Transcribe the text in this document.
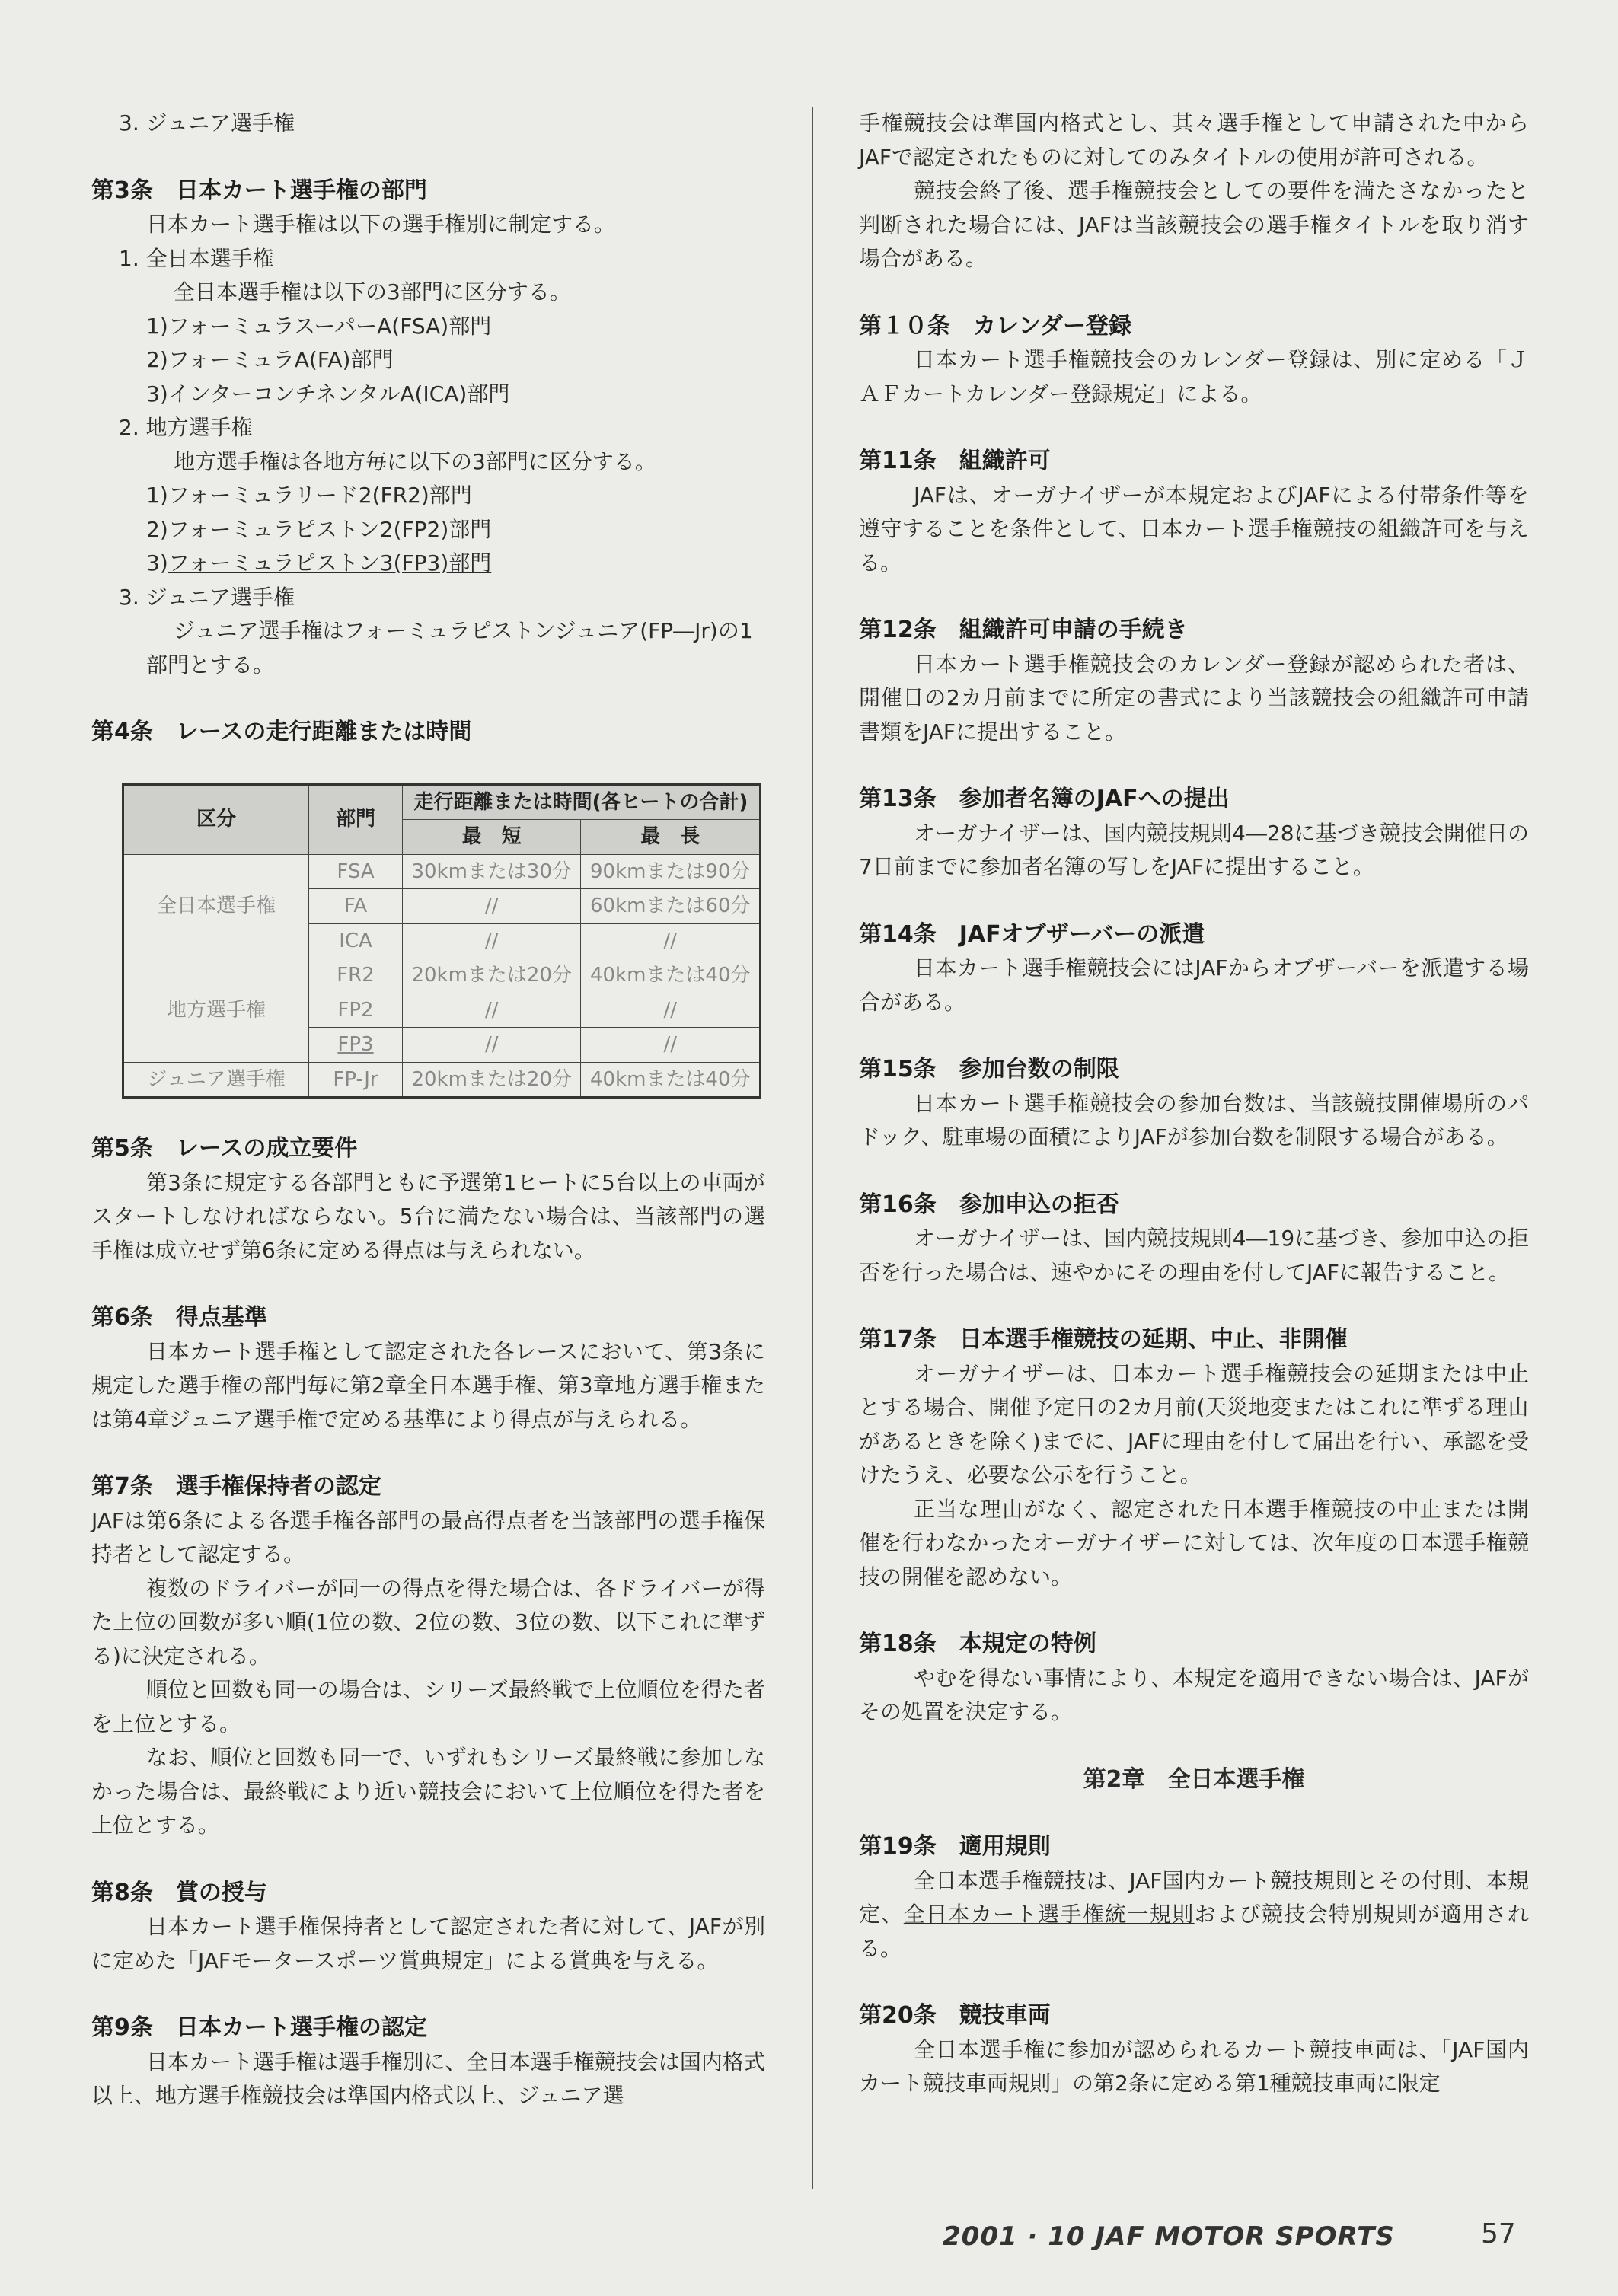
3. ジュニア選手権
第3条　日本カート選手権の部門
日本カート選手権は以下の選手権別に制定する。
1. 全日本選手権
全日本選手権は以下の3部門に区分する。
1)フォーミュラスーパーA(FSA)部門
2)フォーミュラA(FA)部門
3)インターコンチネンタルA(ICA)部門
2. 地方選手権
地方選手権は各地方毎に以下の3部門に区分する。
1)フォーミュラリード2(FR2)部門
2)フォーミュラピストン2(FP2)部門
3)フォーミュラピストン3(FP3)部門
3. ジュニア選手権
ジュニア選手権はフォーミュラピストンジュニア(FP―Jr)の1
部門とする。
第4条　レースの走行距離または時間
区分	部門	走行距離または時間(各ヒートの合計)	
		最　短	最　長
全日本選手権	FSA	30kmまたは30分	90kmまたは90分
	FA	//	60kmまたは60分
	ICA	//	//
地方選手権	FR2	20kmまたは20分	40kmまたは40分
	FP2	//	//
	FP3	//	//
ジュニア選手権	FP-Jr	20kmまたは20分	40kmまたは40分
第5条　レースの成立要件
第3条に規定する各部門ともに予選第1ヒートに5台以上の車両がスタートしなければならない。5台に満たない場合は、当該部門の選手権は成立せず第6条に定める得点は与えられない。
第6条　得点基準
日本カート選手権として認定された各レースにおいて、第3条に規定した選手権の部門毎に第2章全日本選手権、第3章地方選手権または第4章ジュニア選手権で定める基準により得点が与えられる。
第7条　選手権保持者の認定
JAFは第6条による各選手権各部門の最高得点者を当該部門の選手権保持者として認定する。
複数のドライバーが同一の得点を得た場合は、各ドライバーが得た上位の回数が多い順(1位の数、2位の数、3位の数、以下これに準ずる)に決定される。
順位と回数も同一の場合は、シリーズ最終戦で上位順位を得た者を上位とする。
なお、順位と回数も同一で、いずれもシリーズ最終戦に参加しなかった場合は、最終戦により近い競技会において上位順位を得た者を上位とする。
第8条　賞の授与
日本カート選手権保持者として認定された者に対して、JAFが別に定めた「JAFモータースポーツ賞典規定」による賞典を与える。
第9条　日本カート選手権の認定
日本カート選手権は選手権別に、全日本選手権競技会は国内格式以上、地方選手権競技会は準国内格式以上、ジュニア選
手権競技会は準国内格式とし、其々選手権として申請された中からJAFで認定されたものに対してのみタイトルの使用が許可される。
競技会終了後、選手権競技会としての要件を満たさなかったと判断された場合には、JAFは当該競技会の選手権タイトルを取り消す場合がある。
第１０条　カレンダー登録
日本カート選手権競技会のカレンダー登録は、別に定める「ＪＡＦカートカレンダー登録規定」による。
第11条　組織許可
JAFは、オーガナイザーが本規定およびJAFによる付帯条件等を遵守することを条件として、日本カート選手権競技の組織許可を与える。
第12条　組織許可申請の手続き
日本カート選手権競技会のカレンダー登録が認められた者は、開催日の2カ月前までに所定の書式により当該競技会の組織許可申請書類をJAFに提出すること。
第13条　参加者名簿のJAFへの提出
オーガナイザーは、国内競技規則4―28に基づき競技会開催日の7日前までに参加者名簿の写しをJAFに提出すること。
第14条　JAFオブザーバーの派遣
日本カート選手権競技会にはJAFからオブザーバーを派遣する場合がある。
第15条　参加台数の制限
日本カート選手権競技会の参加台数は、当該競技開催場所のパドック、駐車場の面積によりJAFが参加台数を制限する場合がある。
第16条　参加申込の拒否
オーガナイザーは、国内競技規則4―19に基づき、参加申込の拒否を行った場合は、速やかにその理由を付してJAFに報告すること。
第17条　日本選手権競技の延期、中止、非開催
オーガナイザーは、日本カート選手権競技会の延期または中止とする場合、開催予定日の2カ月前(天災地変またはこれに準ずる理由があるときを除く)までに、JAFに理由を付して届出を行い、承認を受けたうえ、必要な公示を行うこと。
正当な理由がなく、認定された日本選手権競技の中止または開催を行わなかったオーガナイザーに対しては、次年度の日本選手権競技の開催を認めない。
第18条　本規定の特例
やむを得ない事情により、本規定を適用できない場合は、JAFがその処置を決定する。
第2章　全日本選手権
第19条　適用規則
全日本選手権競技は、JAF国内カート競技規則とその付則、本規定、全日本カート選手権統一規則および競技会特別規則が適用される。
第20条　競技車両
全日本選手権に参加が認められるカート競技車両は、「JAF国内カート競技車両規則」の第2条に定める第1種競技車両に限定
2001 · 10 JAF MOTOR SPORTS	57
